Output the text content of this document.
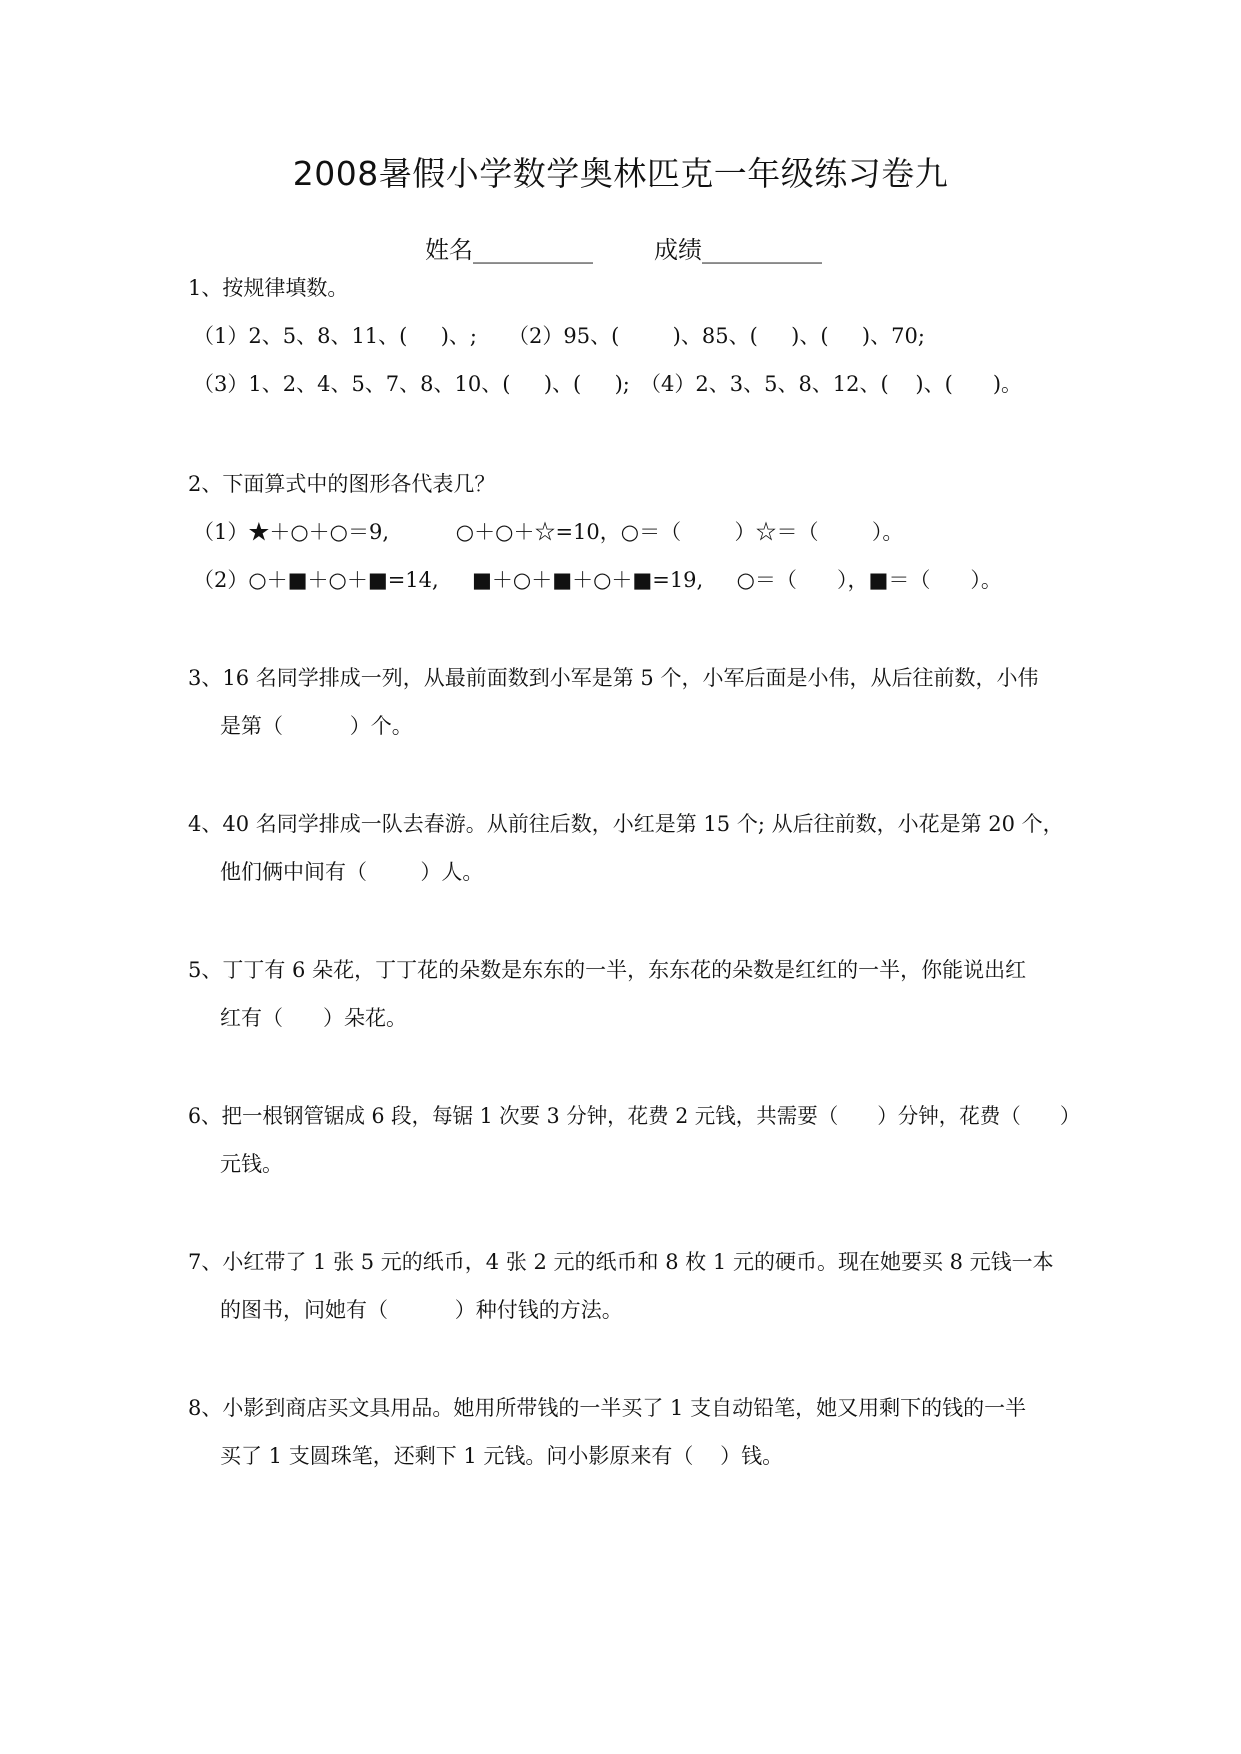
2008暑假小学数学奥林匹克一年级练习卷九
姓名__________        成绩__________
1、按规律填数。
（1）2、5、8、11、(     )、; （2）95、(        )、85、(     )、(     )、70;
（3）1、2、4、5、7、8、10、(     )、(     ); （4）2、3、5、8、12、(    )、(      )。
2、下面算式中的图形各代表几？
（1）★＋○＋○＝9,          ○＋○＋☆=10，○＝（        ）☆＝（        ）。
（2）○＋■＋○＋■=14,     ■＋○＋■＋○＋■=19,     ○＝（      ），■＝（      ）。
3、16 名同学排成一列，从最前面数到小军是第 5 个，小军后面是小伟，从后往前数，小伟
是第（          ）个。
4、40 名同学排成一队去春游。从前往后数，小红是第 15 个; 从后往前数，小花是第 20 个，
他们俩中间有（        ）人。
5、丁丁有 6 朵花，丁丁花的朵数是东东的一半，东东花的朵数是红红的一半，你能说出红
红有（      ）朵花。
6、把一根钢管锯成 6 段，每锯 1 次要 3 分钟，花费 2 元钱，共需要（      ）分钟，花费（      ）
元钱。
7、小红带了 1 张 5 元的纸币，4 张 2 元的纸币和 8 枚 1 元的硬币。现在她要买 8 元钱一本
的图书，问她有（          ）种付钱的方法。
8、小影到商店买文具用品。她用所带钱的一半买了 1 支自动铅笔，她又用剩下的钱的一半
买了 1 支圆珠笔，还剩下 1 元钱。问小影原来有（    ）钱。
